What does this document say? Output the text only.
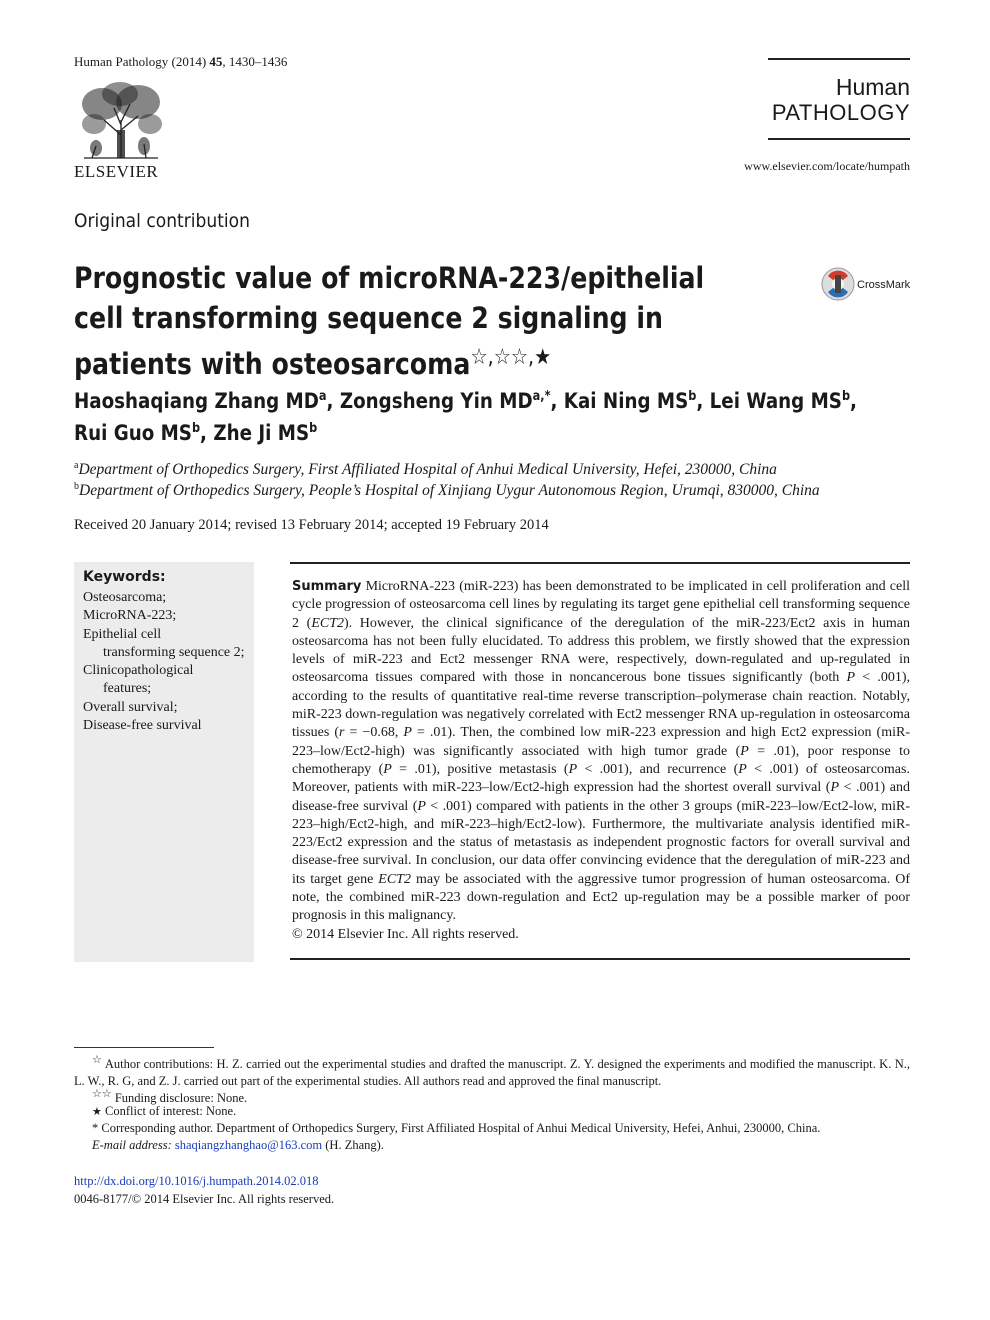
Human Pathology (2014) 45, 1430–1436
ELSEVIER
Human
PATHOLOGY
www.elsevier.com/locate/humpath
Original contribution
Prognostic value of microRNA-223/epithelial cell transforming sequence 2 signaling in patients with osteosarcoma☆,☆☆,★
CrossMark
Haoshaqiang Zhang $MD^a$, Zongsheng Yin $MD^{a,*}$, Kai Ning $MS^b$, Lei Wang $MS^b$,
Rui Guo $MS^b$, Zhe Ji $MS^b$
$^a$Department of Orthopedics Surgery, First Affiliated Hospital of Anhui Medical University, Hefei, 230000, China
$^b$Department of Orthopedics Surgery, People’s Hospital of Xinjiang Uygur Autonomous Region, Urumqi, 830000, China
Received 20 January 2014; revised 13 February 2014; accepted 19 February 2014
Keywords:
Osteosarcoma;
MicroRNA-223;
Epithelial cell
transforming sequence 2;
Clinicopathological
features;
Overall survival;
Disease-free survival
Summary MicroRNA-223 (miR-223) has been demonstrated to be implicated in cell proliferation and cell cycle progression of osteosarcoma cell lines by regulating its target gene epithelial cell transforming sequence 2 (ECT2). However, the clinical significance of the deregulation of the miR-223/Ect2 axis in human osteosarcoma has not been fully elucidated. To address this problem, we firstly showed that the expression levels of miR-223 and Ect2 messenger RNA were, respectively, down-regulated and up-regulated in osteosarcoma tissues compared with those in noncancerous bone tissues significantly (both P < .001), according to the results of quantitative real-time reverse transcription–polymerase chain reaction. Notably, miR-223 down-regulation was negatively correlated with Ect2 messenger RNA up-regulation in osteosarcoma tissues (r = −0.68, P = .01). Then, the combined low miR-223 expression and high Ect2 expression (miR-223–low/Ect2-high) was significantly associated with high tumor grade (P = .01), poor response to chemotherapy (P = .01), positive metastasis (P < .001), and recurrence (P < .001) of osteosarcomas. Moreover, patients with miR-223–low/Ect2-high expression had the shortest overall survival (P < .001) and disease-free survival (P < .001) compared with patients in the other 3 groups (miR-223–low/Ect2-low, miR-223–high/Ect2-high, and miR-223–high/Ect2-low). Furthermore, the multivariate analysis identified miR-223/Ect2 expression and the status of metastasis as independent prognostic factors for overall survival and disease-free survival. In conclusion, our data offer convincing evidence that the deregulation of miR-223 and its target gene ECT2 may be associated with the aggressive tumor progression of human osteosarcoma. Of note, the combined miR-223 down-regulation and Ect2 up-regulation may be a possible marker of poor prognosis in this malignancy.
© 2014 Elsevier Inc. All rights reserved.
☆ Author contributions: H. Z. carried out the experimental studies and drafted the manuscript. Z. Y. designed the experiments and modified the manuscript. K. N., L. W., R. G, and Z. J. carried out part of the experimental studies. All authors read and approved the final manuscript.
☆☆ Funding disclosure: None.
★ Conflict of interest: None.
* Corresponding author. Department of Orthopedics Surgery, First Affiliated Hospital of Anhui Medical University, Hefei, Anhui, 230000, China.
E-mail address: shaqiangzhanghao@163.com (H. Zhang).
http://dx.doi.org/10.1016/j.humpath.2014.02.018
0046-8177/© 2014 Elsevier Inc. All rights reserved.
